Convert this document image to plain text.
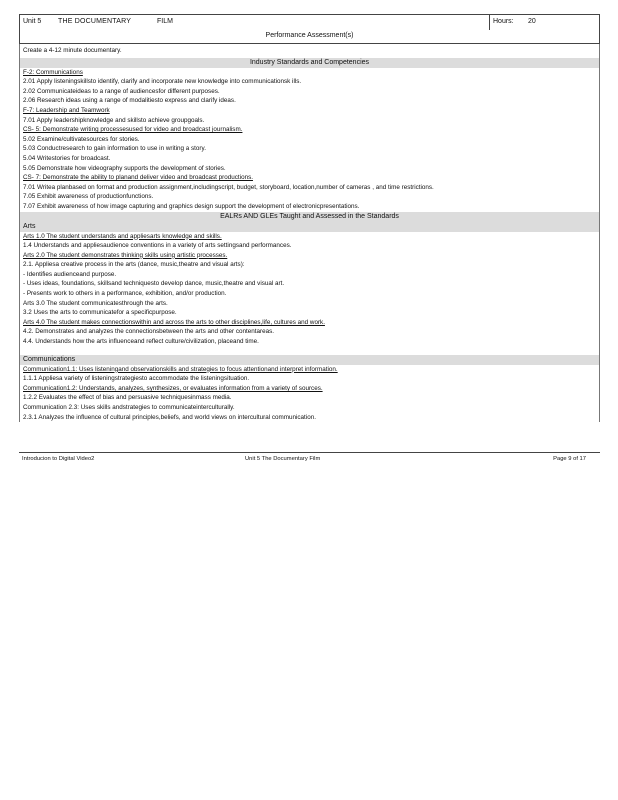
Unit 5 THE DOCUMENTARY	FILM	Hours: 20
Performance Assessment(s)
Create a 4-12 minute documentary.
Industry Standards and Competencies
F-2: Communications
2.01 Apply listeningskillsto identify, clarify and incorporate new knowledge into communicationsk ills.
2.02 Communicateideas to a range of audiencesfor different purposes.
2.06 Research ideas using a range of modalitiesto express and clarify ideas.
F-7: Leadership and Teamwork
7.01 Apply leadershipknowledge and skillsto achieve groupgoals.
CS- 5: Demonstrate writing processesused for video and broadcast journalism.
5.02 Examine/cultivatesources for stories.
5.03 Conductresearch to gain information to use in writing a story.
5.04 Writestories for broadcast.
5.05 Demonstrate how videography supports the development of stories.
CS- 7: Demonstrate the ability to planand deliver video and broadcast productions.
7.01 Writea planbased on format and production assignment,includingscript, budget, storyboard, location,number of cameras , and time restrictions.
7.05 Exhibit awareness of productionfunctions.
7.07 Exhibit awareness of how image capturing and graphics design support the development of electronicpresentations.
EALRs AND GLEs Taught and Assessed in the Standards
Arts
Arts 1.0 The student understands and appliesarts knowledge and skills.
1.4 Understands and appliesaudience conventions in a variety of arts settingsand performances.
Arts 2.0 The student demonstrates thinking skills using artistic processes.
2.1. Appliesa creative process in the arts (dance, music,theatre and visual arts):
- Identifies audienceand purpose.
- Uses ideas, foundations, skillsand techniquesto develop dance, music,theatre and visual art.
- Presents work to others in a performance, exhibition, and/or production.
Arts 3.0 The student communicatesthrough the arts.
3.2 Uses the arts to communicatefor a specificpurpose.
Arts 4.0 The student makes connectionswithin and across the arts to other disciplines,life, cultures and work.
4.2. Demonstrates and analyzes the connectionsbetween the arts and other contentareas.
4.4. Understands how the arts influenceand reflect culture/civilization, placeand time.
Communications
Communication1.1: Uses listeningand observationskills and strategies to focus attentionand interpret information.
1.1.1 Appliesa variety of listeningstrategiesto accommodate the listeningsituation.
Communication1.2: Understands, analyzes, synthesizes, or evaluates information from a variety of sources.
1.2.2 Evaluates the effect of bias and persuasive techniquesinmass media.
Communication 2.3: Uses skills andstrategies to communicateinterculturally.
2.3.1 Analyzes the influence of cultural principles,beliefs, and world views on intercultural communication.
Introducion to Digital Video2	Unit 5 The Documentary Film	Page 9 of 17
